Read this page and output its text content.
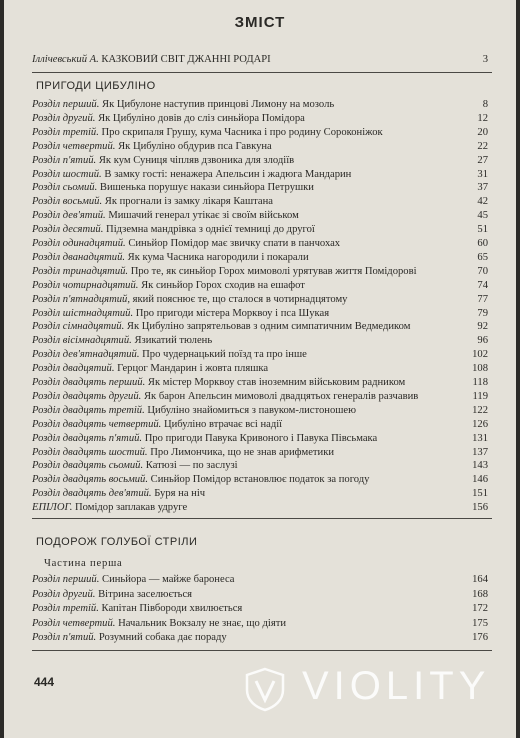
ЗМІСТ
Іллічевський А. КАЗКОВИЙ СВІТ ДЖАННІ РОДАРІ	3
ПРИГОДИ ЦИБУЛІНО
Розділ перший. Як Цибулоне наступив принцові Лимону на мозоль	8
Розділ другий. Як Цибуліно довів до сліз синьйора Помідора	12
Розділ третій. Про скрипаля Грушу, кума Часника і про родину Сороконіжок	20
Розділ четвертий. Як Цибуліно обдурив пса Гавкуна	22
Розділ п'ятий. Як кум Суниця чіпляв дзвоника для злодіїв	27
Розділ шостий. В замку гості: ненажера Апельсин і жадюга Мандарин	31
Розділ сьомий. Вишенька порушує накази синьйора Петрушки	37
Розділ восьмий. Як прогнали із замку лікаря Каштана	42
Розділ дев'ятий. Мишачий генерал утікає зі своїм військом	45
Розділ десятий. Підземна мандрівка з однієї темниці до другої	51
Розділ одинадцятий. Синьйор Помідор має звичку спати в панчохах	60
Розділ дванадцятий. Як кума Часника нагородили і покарали	65
Розділ тринадцятий. Про те, як синьйор Горох мимоволі урятував життя Помідорові	70
Розділ чотирнадцятий. Як синьйор Горох сходив на ешафот	74
Розділ п'ятнадцятий, який пояснює те, що сталося в чотирнадцятому	77
Розділ шістнадцятий. Про пригоди містера Морквоу і пса Шукая	79
Розділ сімнадцятий. Як Цибуліно запрятельовав з одним симпатичним Ведмедиком	92
Розділ вісімнадцятий. Язикатий тюлень	96
Розділ дев'ятнадцятий. Про чудернацький поїзд та про інше	102
Розділ двадцятий. Герцог Мандарин і жовта пляшка	108
Розділ двадцять перший. Як містер Морквоу став іноземним військовим радником	118
Розділ двадцять другий. Як барон Апельсин мимоволі двадцятьох генералів разчавив	119
Розділ двадцять третій. Цибуліно знайомиться з павуком-листоношею	122
Розділ двадцять четвертий. Цибуліно втрачає всі надії	126
Розділ двадцять п'ятий. Про пригоди Павука Кривоного і Павука Півсьмака	131
Розділ двадцять шостий. Про Лимончика, що не знав арифметики	137
Розділ двадцять сьомий. Катюзі — по заслузі	143
Розділ двадцять восьмий. Синьйор Помідор встановлює податок за погоду	146
Розділ двадцять дев'ятий. Буря на ніч	151
ЕПІЛОГ. Помідор заплакав удруге	156
ПОДОРОЖ ГОЛУБОЇ СТРІЛИ
Частина перша
Розділ перший. Синьйора — майже баронеса	164
Розділ другий. Вітрина заселюється	168
Розділ третій. Капітан Півбороди хвилюється	172
Розділ четвертий. Начальник Вокзалу не знає, що діяти	175
Розділ п'ятий. Розумний собака дає пораду	176
444	VIOLITY
